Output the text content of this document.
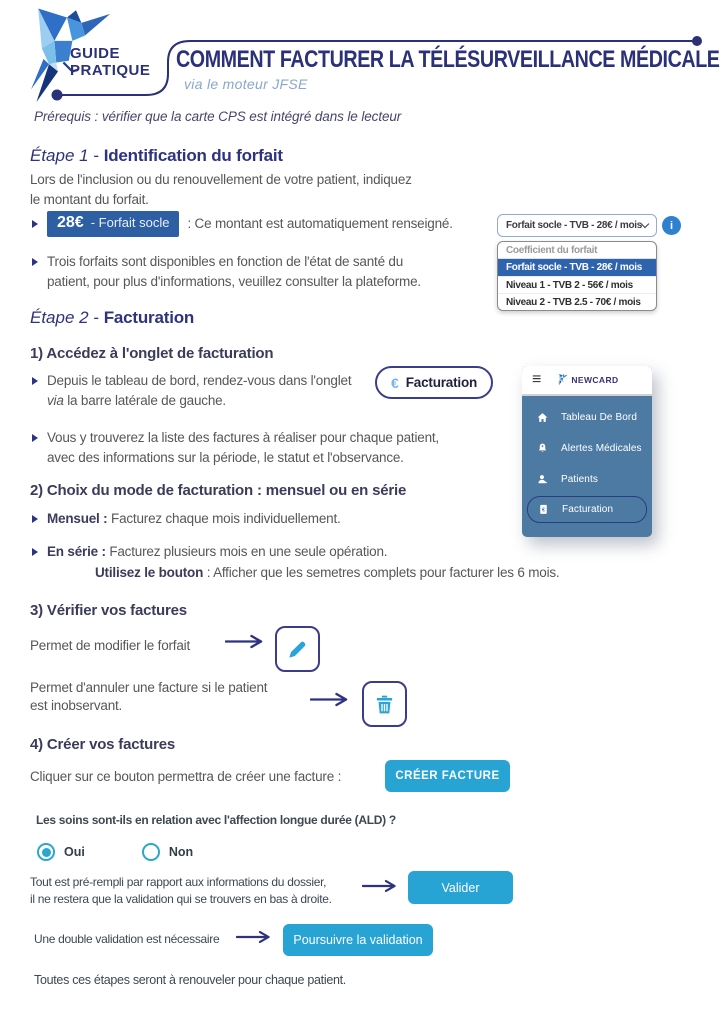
GUIDE
PRATIQUE COMMENT FACTURER LA TÉLÉSURVEILLANCE MÉDICALE
via le moteur JFSE
Prérequis : vérifier que la carte CPS est intégré dans le lecteur
Étape 1 - Identification du forfait
Lors de l'inclusion ou du renouvellement de votre patient, indiquez
le montant du forfait.
28€ - Forfait socle : Ce montant est automatiquement renseigné.
Trois forfaits sont disponibles en fonction de l'état de santé du
patient, pour plus d'informations, veuillez consulter la plateforme.
Forfait socle - TVB - 28€ / mois	i
Coefficient du forfait
Forfait socle - TVB - 28€ / mois
Niveau 1 - TVB 2 - 56€ / mois
Niveau 2 - TVB 2.5 - 70€ / mois
Étape 2 - Facturation
1) Accédez à l'onglet de facturation
Depuis le tableau de bord, rendez-vous dans l'onglet
via la barre latérale de gauche.
€ Facturation
Vous y trouverez la liste des factures à réaliser pour chaque patient,
avec des informations sur la période, le statut et l'observance.
≡	NEWCARD
Tableau De Bord
Alertes Médicales
Patients
Facturation
2) Choix du mode de facturation : mensuel ou en série
Mensuel : Facturez chaque mois individuellement.
En série : Facturez plusieurs mois en une seule opération.
Utilisez le bouton : Afficher que les semetres complets pour facturer les 6 mois.
3) Vérifier vos factures
Permet de modifier le forfait
Permet d'annuler une facture si le patient
est inobservant.
4) Créer vos factures
Cliquer sur ce bouton permettra de créer une facture :	CRÉER FACTURE
Les soins sont-ils en relation avec l'affection longue durée (ALD) ?
Oui	Non
Tout est pré-rempli par rapport aux informations du dossier,
il ne restera que la validation qui se trouvers en bas à droite.
Valider
Une double validation est nécessaire	Poursuivre la validation
Toutes ces étapes seront à renouveler pour chaque patient.
